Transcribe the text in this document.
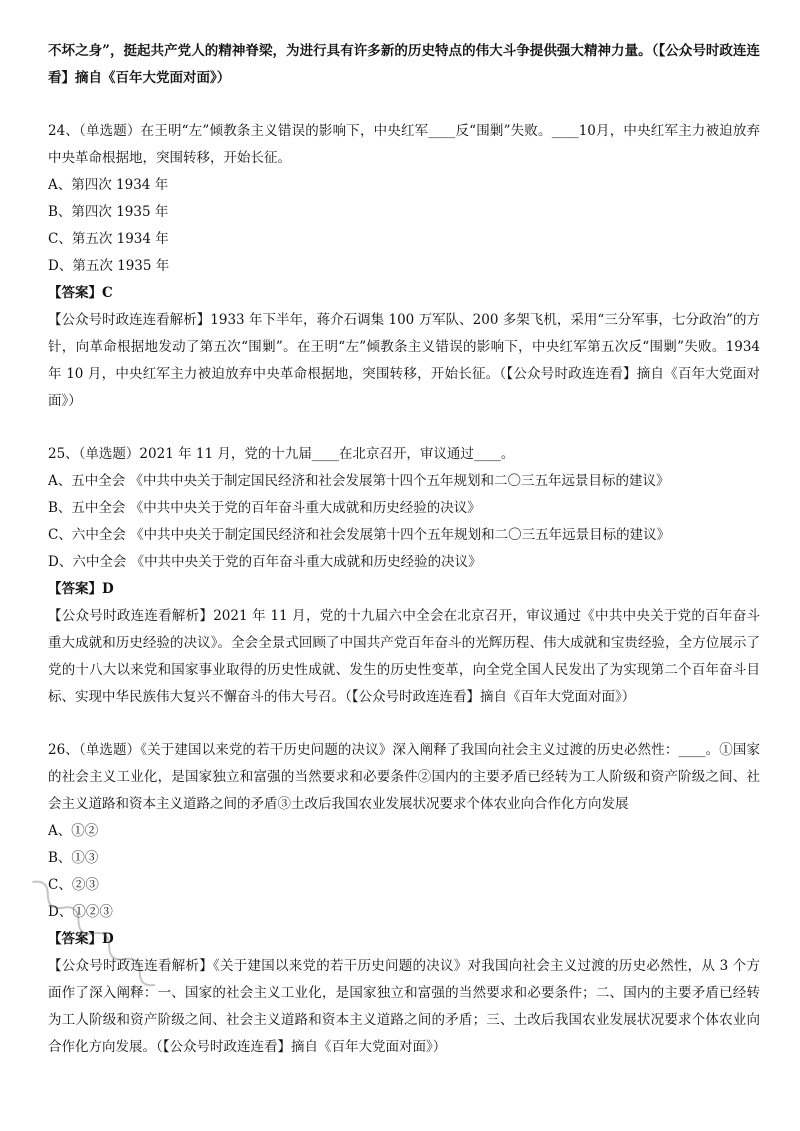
不坏之身”，挺起共产党人的精神脊梁，为进行具有许多新的历史特点的伟大斗争提供强大精神力量。（【公众号时政连连看】摘自《百年大党面对面》）
24、（单选题）在王明“左”倾教条主义错误的影响下，中央红军____反“围剿”失败。____10月，中央红军主力被迫放弃中央革命根据地，突围转移，开始长征。
A、第四次 1934 年
B、第四次 1935 年
C、第五次 1934 年
D、第五次 1935 年
【答案】C
【公众号时政连连看解析】1933 年下半年，蒋介石调集 100 万军队、200 多架飞机，采用“三分军事，七分政治”的方针，向革命根据地发动了第五次“围剿”。在王明“左”倾教条主义错误的影响下，中央红军第五次反“围剿”失败。1934 年 10 月，中央红军主力被迫放弃中央革命根据地，突围转移，开始长征。（【公众号时政连连看】摘自《百年大党面对面》）
25、（单选题）2021 年 11 月，党的十九届____在北京召开，审议通过____。
A、五中全会 《中共中央关于制定国民经济和社会发展第十四个五年规划和二〇三五年远景目标的建议》
B、五中全会 《中共中央关于党的百年奋斗重大成就和历史经验的决议》
C、六中全会 《中共中央关于制定国民经济和社会发展第十四个五年规划和二〇三五年远景目标的建议》
D、六中全会 《中共中央关于党的百年奋斗重大成就和历史经验的决议》
【答案】D
【公众号时政连连看解析】2021 年 11 月，党的十九届六中全会在北京召开，审议通过《中共中央关于党的百年奋斗重大成就和历史经验的决议》。全会全景式回顾了中国共产党百年奋斗的光辉历程、伟大成就和宝贵经验，全方位展示了党的十八大以来党和国家事业取得的历史性成就、发生的历史性变革，向全党全国人民发出了为实现第二个百年奋斗目标、实现中华民族伟大复兴不懈奋斗的伟大号召。（【公众号时政连连看】摘自《百年大党面对面》）
26、（单选题）《关于建国以来党的若干历史问题的决议》深入阐释了我国向社会主义过渡的历史必然性：____。①国家的社会主义工业化，是国家独立和富强的当然要求和必要条件②国内的主要矛盾已经转为工人阶级和资产阶级之间、社会主义道路和资本主义道路之间的矛盾③土改后我国农业发展状况要求个体农业向合作化方向发展
A、①②
B、①③
C、②③
D、①②③
【答案】D
【公众号时政连连看解析】《关于建国以来党的若干历史问题的决议》对我国向社会主义过渡的历史必然性，从 3 个方面作了深入阐释：一、国家的社会主义工业化，是国家独立和富强的当然要求和必要条件；二、国内的主要矛盾已经转为工人阶级和资产阶级之间、社会主义道路和资本主义道路之间的矛盾；三、土改后我国农业发展状况要求个体农业向合作化方向发展。（【公众号时政连连看】摘自《百年大党面对面》）
